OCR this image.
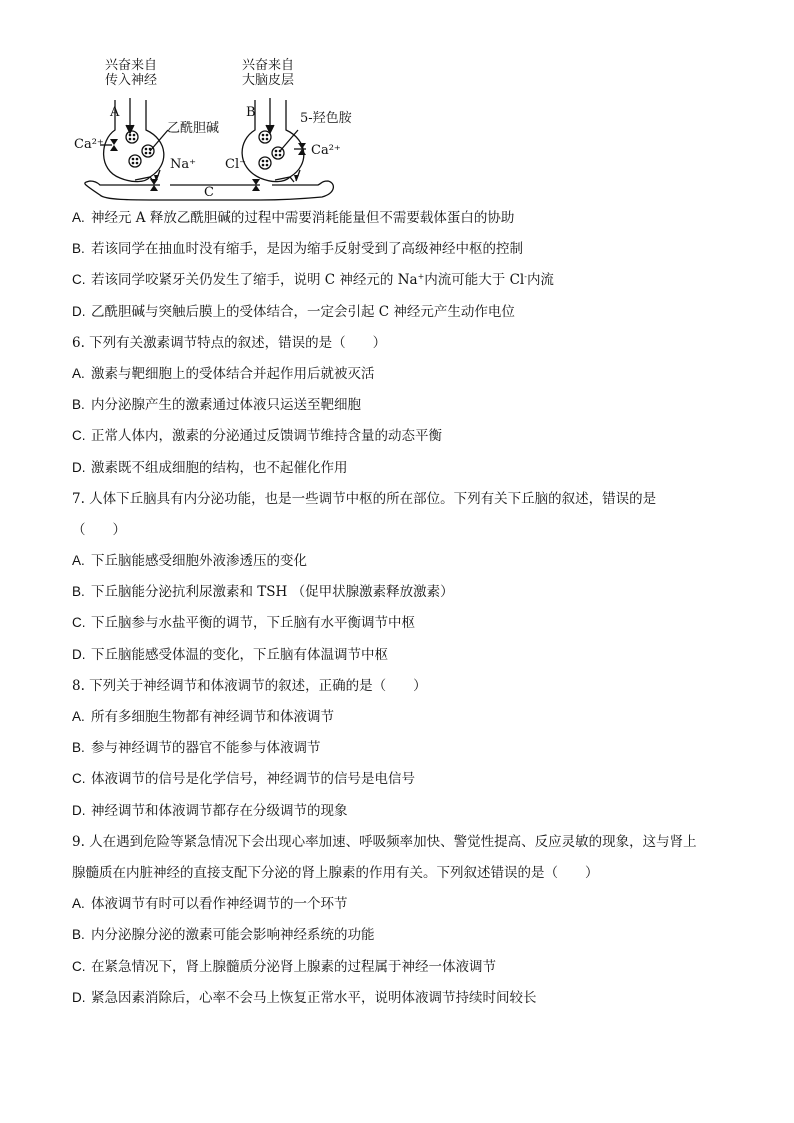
兴奋来自
传入神经
兴奋来自
大脑皮层
A	B
C
乙酰胆碱
5-羟色胺
Ca²⁺	Ca²⁺
Na⁺ Cl⁻
A. 神经元 A 释放乙酰胆碱的过程中需要消耗能量但不需要载体蛋白的协助
B. 若该同学在抽血时没有缩手，是因为缩手反射受到了高级神经中枢的控制
C. 若该同学咬紧牙关仍发生了缩手，说明 C 神经元的 Na+内流可能大于 Cl-内流
D. 乙酰胆碱与突触后膜上的受体结合，一定会引起 C 神经元产生动作电位
6. 下列有关激素调节特点的叙述，错误的是（　　）
A. 激素与靶细胞上的受体结合并起作用后就被灭活
B. 内分泌腺产生的激素通过体液只运送至靶细胞
C. 正常人体内，激素的分泌通过反馈调节维持含量的动态平衡
D. 激素既不组成细胞的结构，也不起催化作用
7. 人体下丘脑具有内分泌功能，也是一些调节中枢的所在部位。下列有关下丘脑的叙述，错误的是
（　　）
A. 下丘脑能感受细胞外液渗透压的变化
B. 下丘脑能分泌抗利尿激素和 TSH （促甲状腺激素释放激素）
C. 下丘脑参与水盐平衡的调节，下丘脑有水平衡调节中枢
D. 下丘脑能感受体温的变化，下丘脑有体温调节中枢
8. 下列关于神经调节和体液调节的叙述，正确的是（　　）
A. 所有多细胞生物都有神经调节和体液调节
B. 参与神经调节的器官不能参与体液调节
C. 体液调节的信号是化学信号，神经调节的信号是电信号
D. 神经调节和体液调节都存在分级调节的现象
9. 人在遇到危险等紧急情况下会出现心率加速、呼吸频率加快、警觉性提高、反应灵敏的现象，这与肾上
腺髓质在内脏神经的直接支配下分泌的肾上腺素的作用有关。下列叙述错误的是（　　）
A. 体液调节有时可以看作神经调节的一个环节
B. 内分泌腺分泌的激素可能会影响神经系统的功能
C. 在紧急情况下，肾上腺髓质分泌肾上腺素的过程属于神经一体液调节
D. 紧急因素消除后，心率不会马上恢复正常水平，说明体液调节持续时间较长
